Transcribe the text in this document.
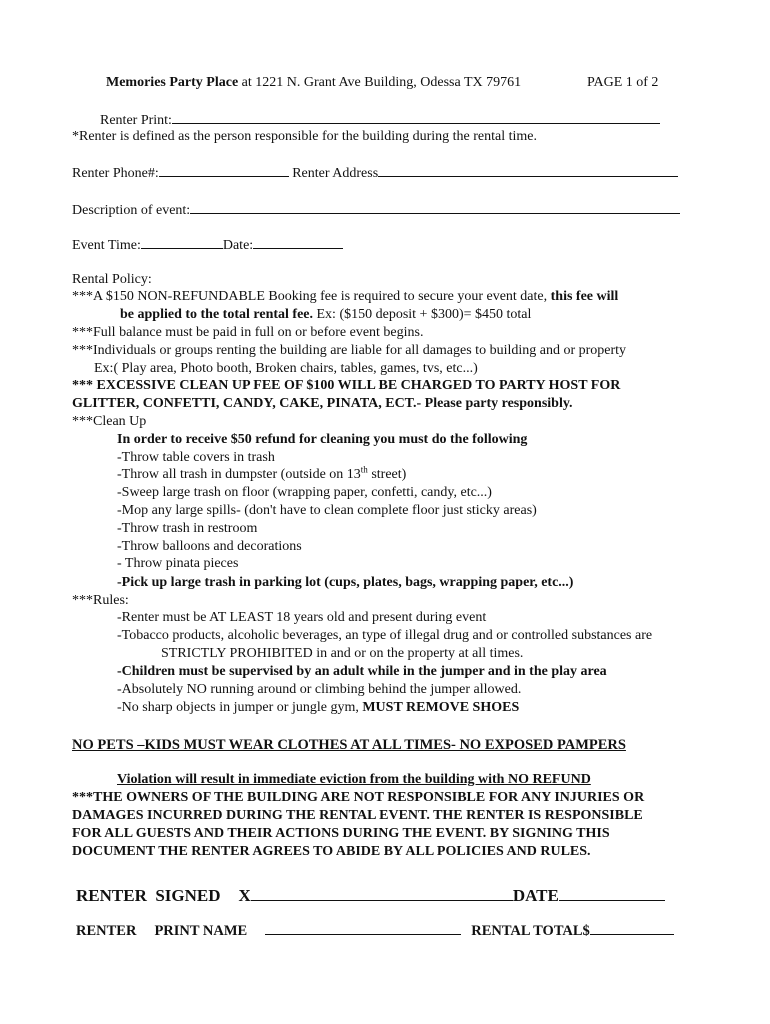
Memories Party Place at 1221 N. Grant Ave Building, Odessa TX 79761	PAGE 1 of 2
Renter Print:
*Renter is defined as the person responsible for the building during the rental time.
Renter Phone#:	Renter Address
Description of event:
Event Time:	Date:
Rental Policy:
***A $150 NON-REFUNDABLE Booking fee is required to secure your event date, this fee will
be applied to the total rental fee. Ex: ($150 deposit + $300)= $450 total
***Full balance must be paid in full on or before event begins.
***Individuals or groups renting the building are liable for all damages to building and or property
Ex:( Play area, Photo booth, Broken chairs, tables, games, tvs, etc...)
*** EXCESSIVE CLEAN UP FEE OF $100 WILL BE CHARGED TO PARTY HOST FOR
GLITTER, CONFETTI, CANDY, CAKE, PINATA, ECT.- Please party responsibly.
***Clean Up
In order to receive $50 refund for cleaning you must do the following
-Throw table covers in trash
-Throw all trash in dumpster (outside on 13th street)
-Sweep large trash on floor (wrapping paper, confetti, candy, etc...)
-Mop any large spills- (don't have to clean complete floor just sticky areas)
-Throw trash in restroom
-Throw balloons and decorations
- Throw pinata pieces
-Pick up large trash in parking lot (cups, plates, bags, wrapping paper, etc...)
***Rules:
-Renter must be AT LEAST 18 years old and present during event
-Tobacco products, alcoholic beverages, an type of illegal drug and or controlled substances are
STRICTLY PROHIBITED in and or on the property at all times.
-Children must be supervised by an adult while in the jumper and in the play area
-Absolutely NO running around or climbing behind the jumper allowed.
-No sharp objects in jumper or jungle gym, MUST REMOVE SHOES
NO PETS –KIDS MUST WEAR CLOTHES AT ALL TIMES- NO EXPOSED PAMPERS
Violation will result in immediate eviction from the building with NO REFUND
***THE OWNERS OF THE BUILDING ARE NOT RESPONSIBLE FOR ANY INJURIES OR
DAMAGES INCURRED DURING THE RENTAL EVENT. THE RENTER IS RESPONSIBLE
FOR ALL GUESTS AND THEIR ACTIONS DURING THE EVENT. BY SIGNING THIS
DOCUMENT THE RENTER AGREES TO ABIDE BY ALL POLICIES AND RULES.
RENTER  SIGNED X	DATE
RENTER PRINT NAME	RENTAL TOTAL$
